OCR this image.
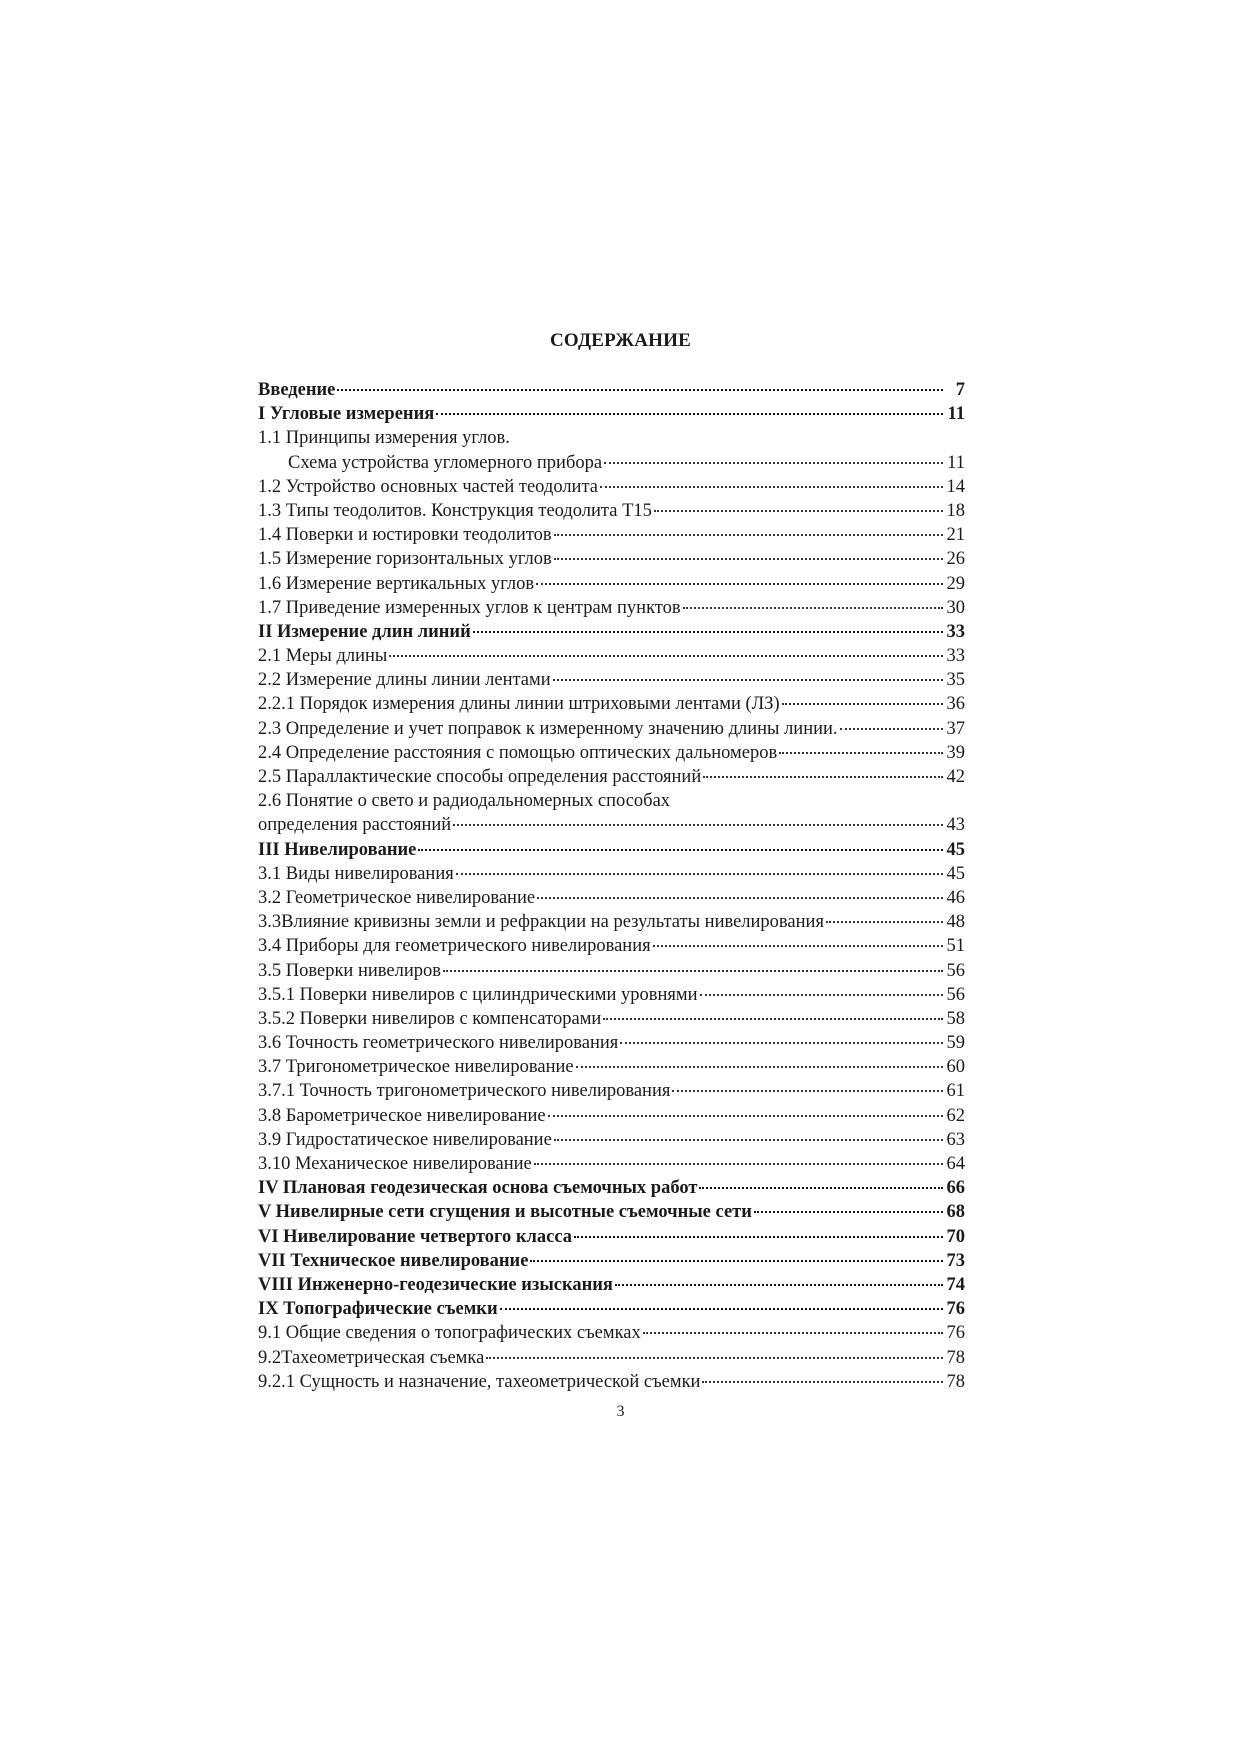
СОДЕРЖАНИЕ
Введение	7
I Угловые измерения	11
1.1 Принципы измерения углов.
Схема устройства угломерного прибора	11
1.2 Устройство основных частей теодолита	14
1.3 Типы теодолитов. Конструкция теодолита Т15	18
1.4 Поверки и юстировки теодолитов	21
1.5 Измерение горизонтальных углов	26
1.6 Измерение вертикальных углов	29
1.7 Приведение измеренных углов к центрам пунктов	30
II Измерение длин линий	33
2.1 Меры длины	33
2.2 Измерение длины линии лентами	35
2.2.1 Порядок измерения длины линии штриховыми лентами (ЛЗ)	36
2.3 Определение и учет поправок к измеренному значению длины линии.	37
2.4 Определение расстояния с помощью оптических дальномеров	39
2.5 Параллактические способы определения расстояний	42
2.6 Понятие о свето и радиодальномерных способах
определения расстояний	43
III Нивелирование	45
3.1 Виды нивелирования	45
3.2 Геометрическое нивелирование	46
3.3Влияние кривизны земли и рефракции на результаты нивелирования	48
3.4 Приборы для геометрического нивелирования	51
3.5 Поверки нивелиров	56
3.5.1 Поверки нивелиров с цилиндрическими уровнями	56
3.5.2 Поверки нивелиров с компенсаторами	58
3.6 Точность геометрического нивелирования	59
3.7 Тригонометрическое нивелирование	60
3.7.1 Точность тригонометрического нивелирования	61
3.8 Барометрическое нивелирование	62
3.9 Гидростатическое нивелирование	63
3.10 Механическое нивелирование	64
IV Плановая геодезическая основа съемочных работ	66
V Нивелирные сети сгущения и высотные съемочные сети	68
VI Нивелирование четвертого класса	70
VII Техническое нивелирование	73
VIII Инженерно-геодезические изыскания	74
IX Топографические съемки	76
9.1 Общие сведения о топографических съемках	76
9.2Тахеометрическая съемка	78
9.2.1 Сущность и назначение, тахеометрической съемки	78
3
